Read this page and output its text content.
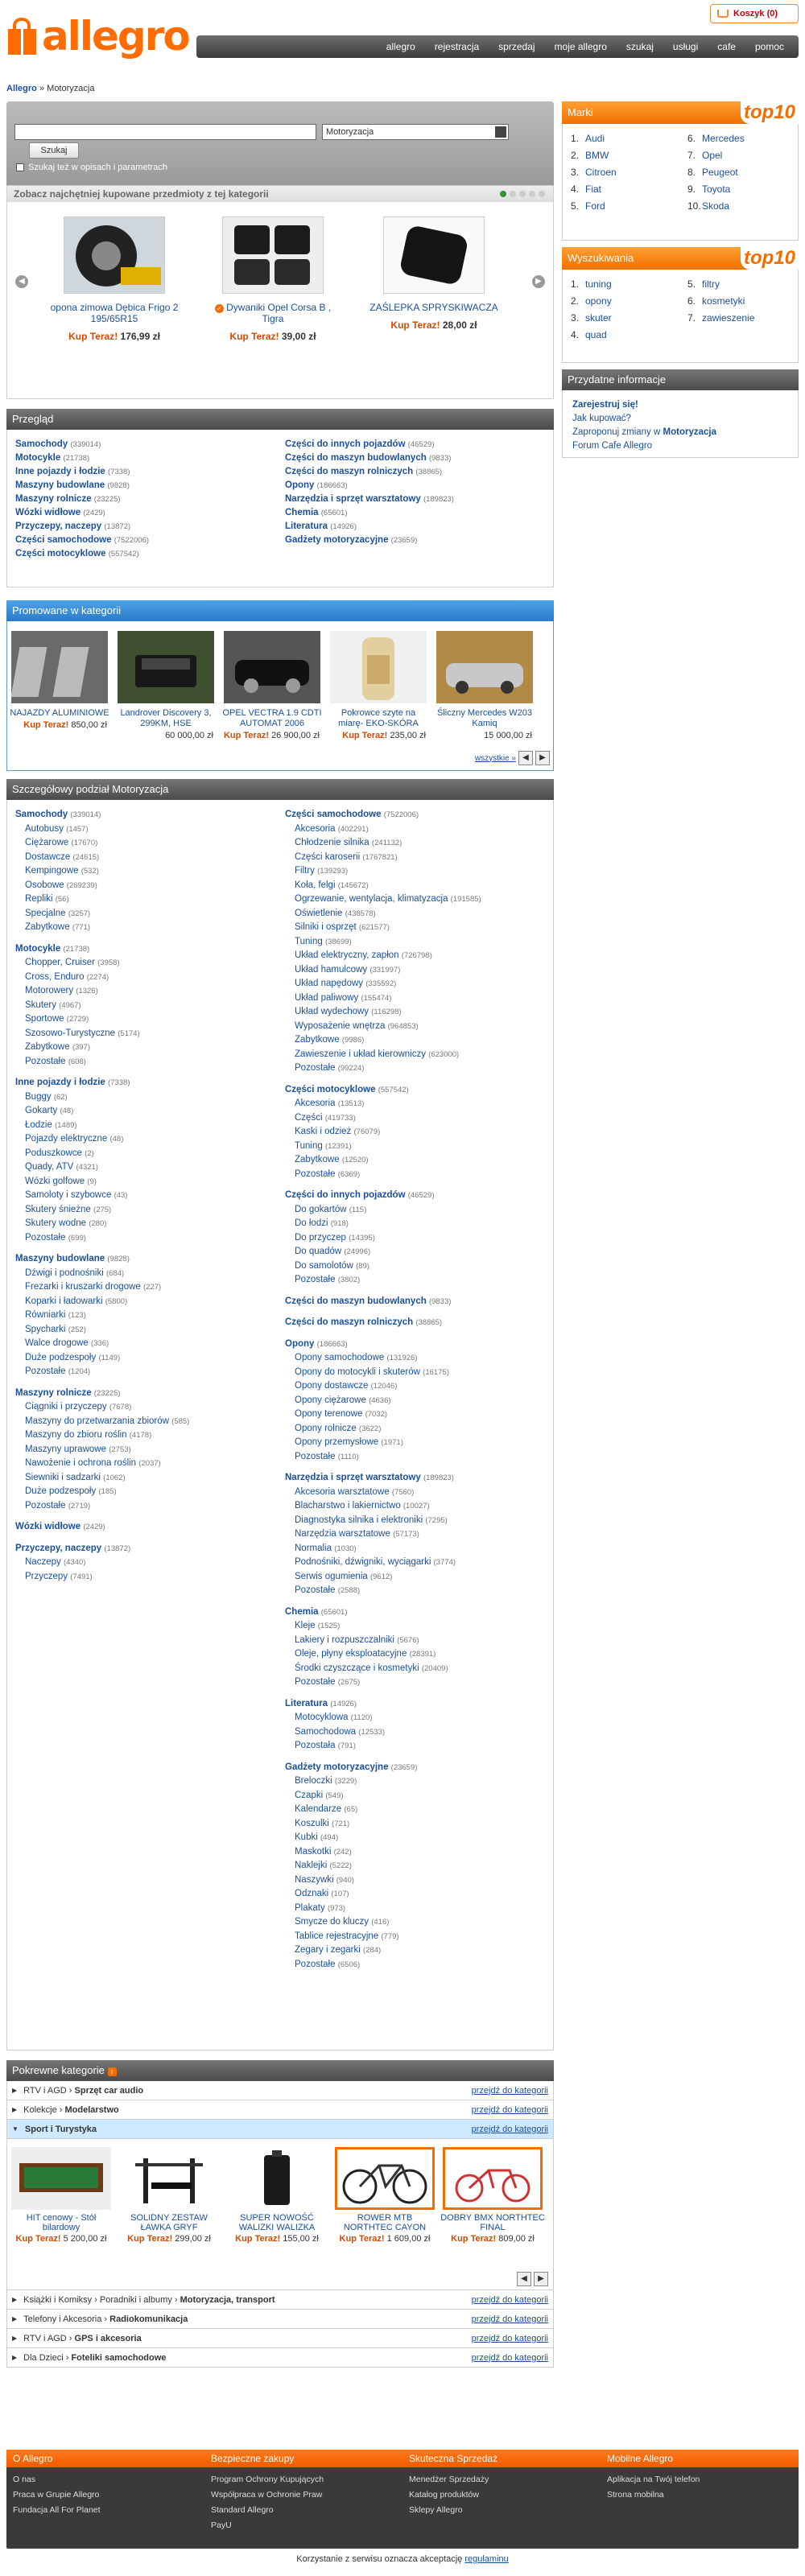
allegro	Koszyk (0)
allegro	rejestracja	sprzedaj	moje allegro	szukaj	usługi	cafe	pomoc
Allegro » Motoryzacja
Motoryzacja
Szukaj
Szukaj też w opisach i parametrach
Zobacz najchętniej kupowane przedmioty z tej kategorii
◀	▶
opona zimowa Dębica Frigo 2 195/65R15
Kup Teraz! 176,99 zł
✓ Dywaniki Opel Corsa B , Tigra
Kup Teraz! 39,00 zł
ZAŚLEPKA SPRYSKIWACZA
Kup Teraz! 28,00 zł
Przegląd
Samochody (339014)
Motocykle (21738)
Inne pojazdy i łodzie (7338)
Maszyny budowlane (9828)
Maszyny rolnicze (23225)
Wózki widłowe (2429)
Przyczepy, naczepy (13872)
Części samochodowe (7522006)
Części motocyklowe (557542)
Części do innych pojazdów (46529)
Części do maszyn budowlanych (9833)
Części do maszyn rolniczych (38865)
Opony (186663)
Narzędzia i sprzęt warsztatowy (189823)
Chemia (65601)
Literatura (14926)
Gadżety motoryzacyjne (23659)
Promowane w kategorii
NAJAZDY ALUMINIOWE
Kup Teraz! 850,00 zł
Landrover Discovery 3, 299KM, HSE
60 000,00 zł
OPEL VECTRA 1.9 CDTI AUTOMAT 2006
Kup Teraz! 26 900,00 zł
Pokrowce szyte na miarę- EKO-SKÓRA
Kup Teraz! 235,00 zł
Śliczny Mercedes W203 Kamiq
15 000,00 zł
wszystkie » ◀	▶
Szczegółowy podział Motoryzacja
Samochody (339014)
Autobusy (1457)
Ciężarowe (17670)
Dostawcze (24615)
Kempingowe (532)
Osobowe (269239)
Repliki (56)
Specjalne (3257)
Zabytkowe (771)
Motocykle (21738)
Chopper, Cruiser (3958)
Cross, Enduro (2274)
Motorowery (1326)
Skutery (4967)
Sportowe (2729)
Szosowo-Turystyczne (5174)
Zabytkowe (397)
Pozostałe (608)
Inne pojazdy i łodzie (7338)
Buggy (62)
Gokarty (48)
Łodzie (1489)
Pojazdy elektryczne (48)
Poduszkowce (2)
Quady, ATV (4321)
Wózki golfowe (9)
Samoloty i szybowce (43)
Skutery śnieżne (275)
Skutery wodne (280)
Pozostałe (699)
Maszyny budowlane (9828)
Dźwigi i podnośniki (684)
Frezarki i kruszarki drogowe (227)
Koparki i ładowarki (5800)
Równiarki (123)
Spycharki (252)
Walce drogowe (336)
Duże podzespoły (1149)
Pozostałe (1204)
Maszyny rolnicze (23225)
Ciągniki i przyczepy (7678)
Maszyny do przetwarzania zbiorów (585)
Maszyny do zbioru roślin (4178)
Maszyny uprawowe (2753)
Nawożenie i ochrona roślin (2037)
Siewniki i sadzarki (1062)
Duże podzespoły (185)
Pozostałe (2719)
Wózki widłowe (2429)
Przyczepy, naczepy (13872)
Naczepy (4340)
Przyczepy (7491)
Części samochodowe (7522006)
Akcesoria (402291)
Chłodzenie silnika (241132)
Części karoserii (1767821)
Filtry (139293)
Koła, felgi (145672)
Ogrzewanie, wentylacja, klimatyzacja (191585)
Oświetlenie (438578)
Silniki i osprzęt (621577)
Tuning (38699)
Układ elektryczny, zapłon (726798)
Układ hamulcowy (331997)
Układ napędowy (335592)
Układ paliwowy (155474)
Układ wydechowy (116298)
Wyposażenie wnętrza (964853)
Zabytkowe (9986)
Zawieszenie i układ kierowniczy (623000)
Pozostałe (99224)
Części motocyklowe (557542)
Akcesoria (13513)
Części (419733)
Kaski i odzież (76079)
Tuning (12391)
Zabytkowe (12520)
Pozostałe (6369)
Części do innych pojazdów (46529)
Do gokartów (115)
Do łodzi (918)
Do przyczep (14395)
Do quadów (24996)
Do samolotów (89)
Pozostałe (3802)
Części do maszyn budowlanych (9833)
Części do maszyn rolniczych (38865)
Opony (186663)
Opony samochodowe (131926)
Opony do motocykli i skuterów (16175)
Opony dostawcze (12046)
Opony ciężarowe (4636)
Opony terenowe (7032)
Opony rolnicze (3622)
Opony przemysłowe (1971)
Pozostałe (1110)
Narzędzia i sprzęt warsztatowy (189823)
Akcesoria warsztatowe (7560)
Blacharstwo i lakiernictwo (10027)
Diagnostyka silnika i elektroniki (7295)
Narzędzia warsztatowe (57173)
Normalia (1030)
Podnośniki, dźwigniki, wyciągarki (3774)
Serwis ogumienia (9612)
Pozostałe (2588)
Chemia (65601)
Kleje (1525)
Lakiery i rozpuszczalniki (5676)
Oleje, płyny eksploatacyjne (28391)
Środki czyszczące i kosmetyki (20409)
Pozostałe (2675)
Literatura (14926)
Motocyklowa (1120)
Samochodowa (12533)
Pozostała (791)
Gadżety motoryzacyjne (23659)
Breloczki (3229)
Czapki (549)
Kalendarze (65)
Koszulki (721)
Kubki (494)
Maskotki (242)
Naklejki (5222)
Naszywki (940)
Odznaki (107)
Plakaty (973)
Smycze do kluczy (416)
Tablice rejestracyjne (779)
Zegary i zegarki (284)
Pozostałe (6506)
Pokrewne kategorie i
▶ RTV i AGD ›
Sprzęt car audio	przejdź do kategorii
▶ Kolekcje ›
Modelarstwo	przejdź do kategorii
▼ Sport i Turystyka	przejdź do kategorii
HIT cenowy - Stół bilardowy
Kup Teraz! 5 200,00 zł
SOLIDNY ZESTAW ŁAWKA GRYF
Kup Teraz! 299,00 zł
SUPER NOWOŚĆ WALIZKI WALIZKA
Kup Teraz! 155,00 zł
ROWER MTB NORTHTEC CAYON
Kup Teraz! 1 609,00 zł
DOBRY BMX NORTHTEC FINAL
Kup Teraz! 809,00 zł
◀	▶
▶ Książki i Komiksy › Poradniki i albumy ›
Motoryzacja, transport	przejdź do kategorii
▶ Telefony i Akcesoria ›
Radiokomunikacja	przejdź do kategorii
▶ RTV i AGD ›
GPS i akcesoria	przejdź do kategorii
▶ Dla Dzieci ›
Foteliki samochodowe	przejdź do kategorii
Marki	top10
1. Audi
2. BMW
3. Citroen
4. Fiat
5. Ford
6. Mercedes
7. Opel
8. Peugeot
9. Toyota
10.Skoda
Wyszukiwania	top10
1. tuning
2. opony
3. skuter
4. quad
5. filtry
6. kosmetyki
7. zawieszenie
Przydatne informacje
Zarejestruj się!
Jak kupować?
Zaproponuj zmiany w Motoryzacja
Forum Cafe Allegro
O Allegro	Bezpieczne zakupy	Skuteczna Sprzedaż	Mobilne Allegro
O nas
Praca w Grupie Allegro
Fundacja All For Planet
Program Ochrony Kupujących
Współpraca w Ochronie Praw
Standard Allegro
PayU
Menedżer Sprzedaży
Katalog produktów
Sklepy Allegro
Aplikacja na Twój telefon
Strona mobilna
Korzystanie z serwisu oznacza akceptację regulaminu
